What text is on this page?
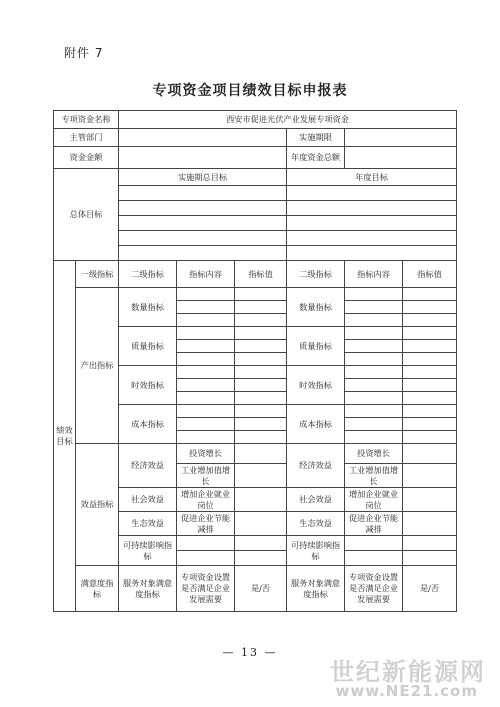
附件 7
专项资金项目绩效目标申报表
专项资金名称		西安市促进光伏产业发展专项资金					
主管部门					实施期限		
资金金额					年度资金总额		
总体目标		实施期总目标			年度目标		

绩效目标	一级指标	二级指标	指标内容	指标值	二级指标	指标内容	指标值
	产出指标	数量指标			数量指标		

		质量指标			质量指标		

		时效指标			时效指标		

		成本指标			成本指标		

	效益指标	经济效益	投资增长		经济效益	投资增长	
			工业增加值增长			工业增加值增长	
		社会效益	增加企业就业岗位		社会效益	增加企业就业岗位	
		生态效益	促进企业节能减排		生态效益	促进企业节能减排	
		可持续影响指标			可持续影响指标		

	满意度指标	服务对象满意度指标	专项资金设置是否满足企业发展需要	是/否	服务对象满意度指标	专项资金设置是否满足企业发展需要	是/否
— 13 —
世纪新能源网
www.NE21.com
